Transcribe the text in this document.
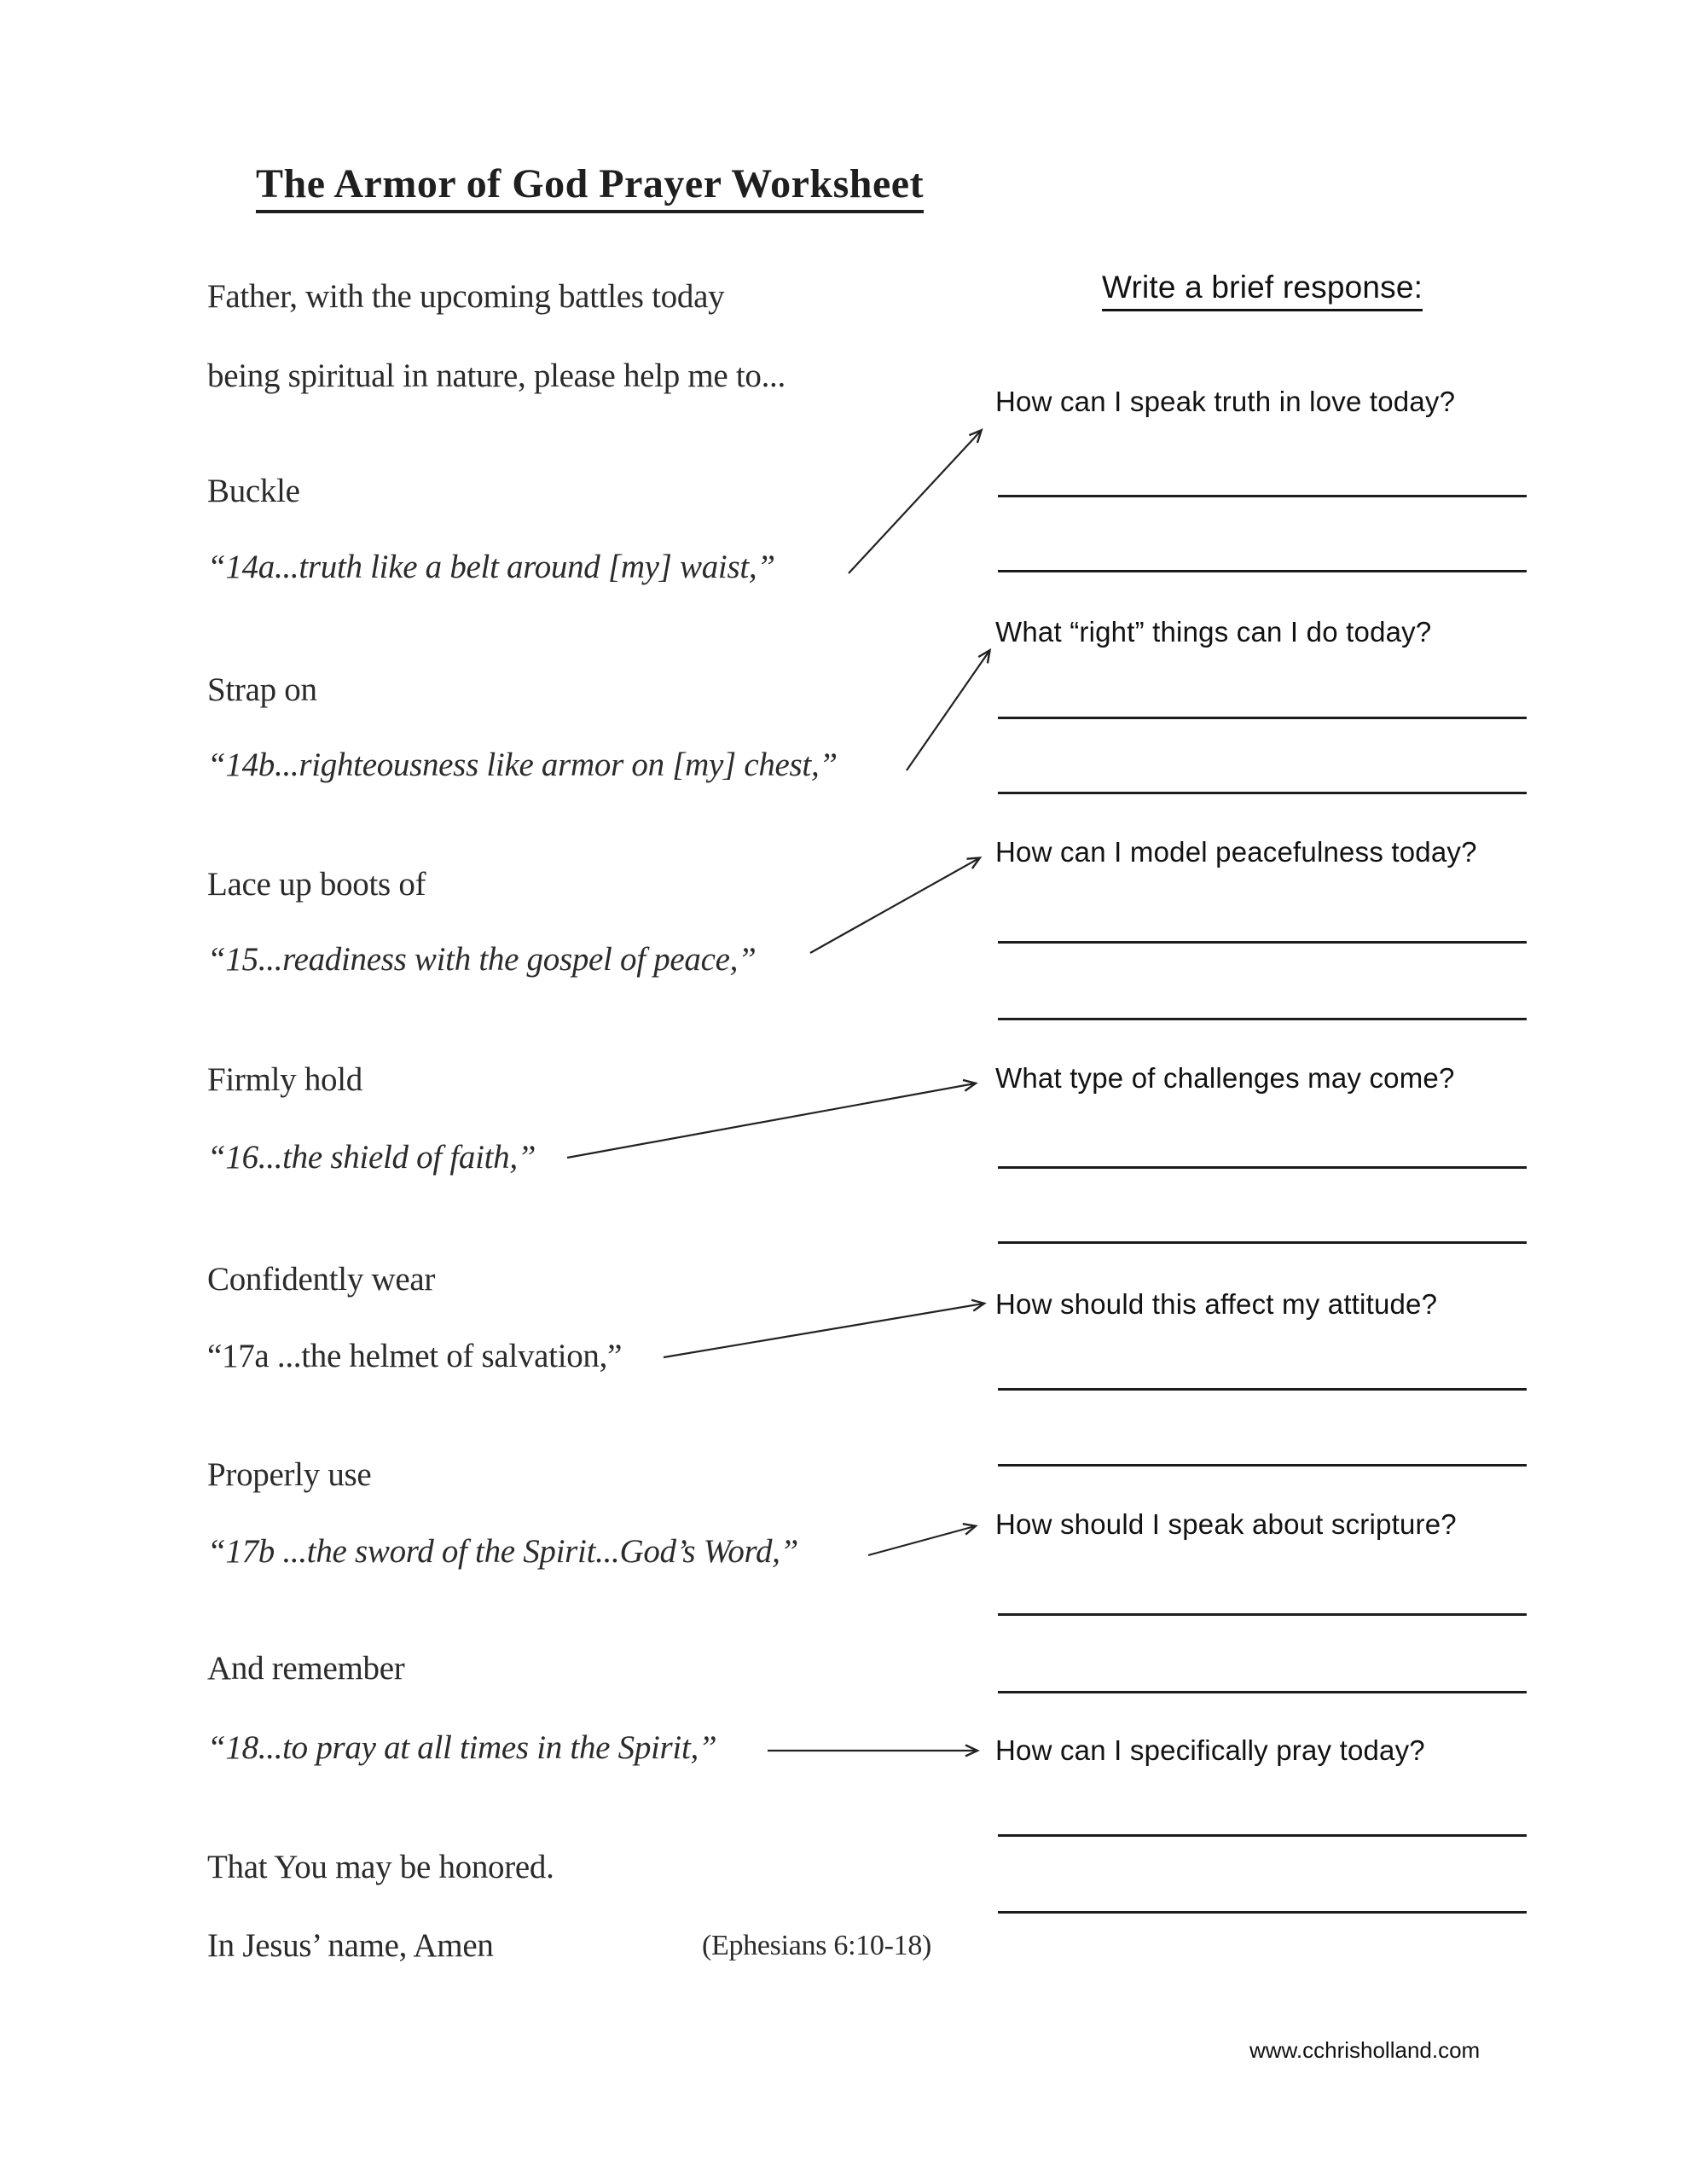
The Armor of God Prayer Worksheet
Father, with the upcoming battles today
being spiritual in nature, please help me to...
Write a brief response:
Buckle
“14a...truth like a belt around [my] waist,”
How can I speak truth in love today?
Strap on
“14b...righteousness like armor on [my] chest,”
What “right” things can I do today?
Lace up boots of
“15...readiness with the gospel of peace,”
How can I model peacefulness today?
Firmly hold
“16...the shield of faith,”
What type of challenges may come?
Confidently wear
“17a ...the helmet of salvation,”
How should this affect my attitude?
Properly use
“17b ...the sword of the Spirit...God’s Word,”
How should I speak about scripture?
And remember
“18...to pray at all times in the Spirit,”	How can I specifically pray today?
That You may be honored.
In Jesus’ name, Amen	(Ephesians 6:10-18)
www.cchrisholland.com
